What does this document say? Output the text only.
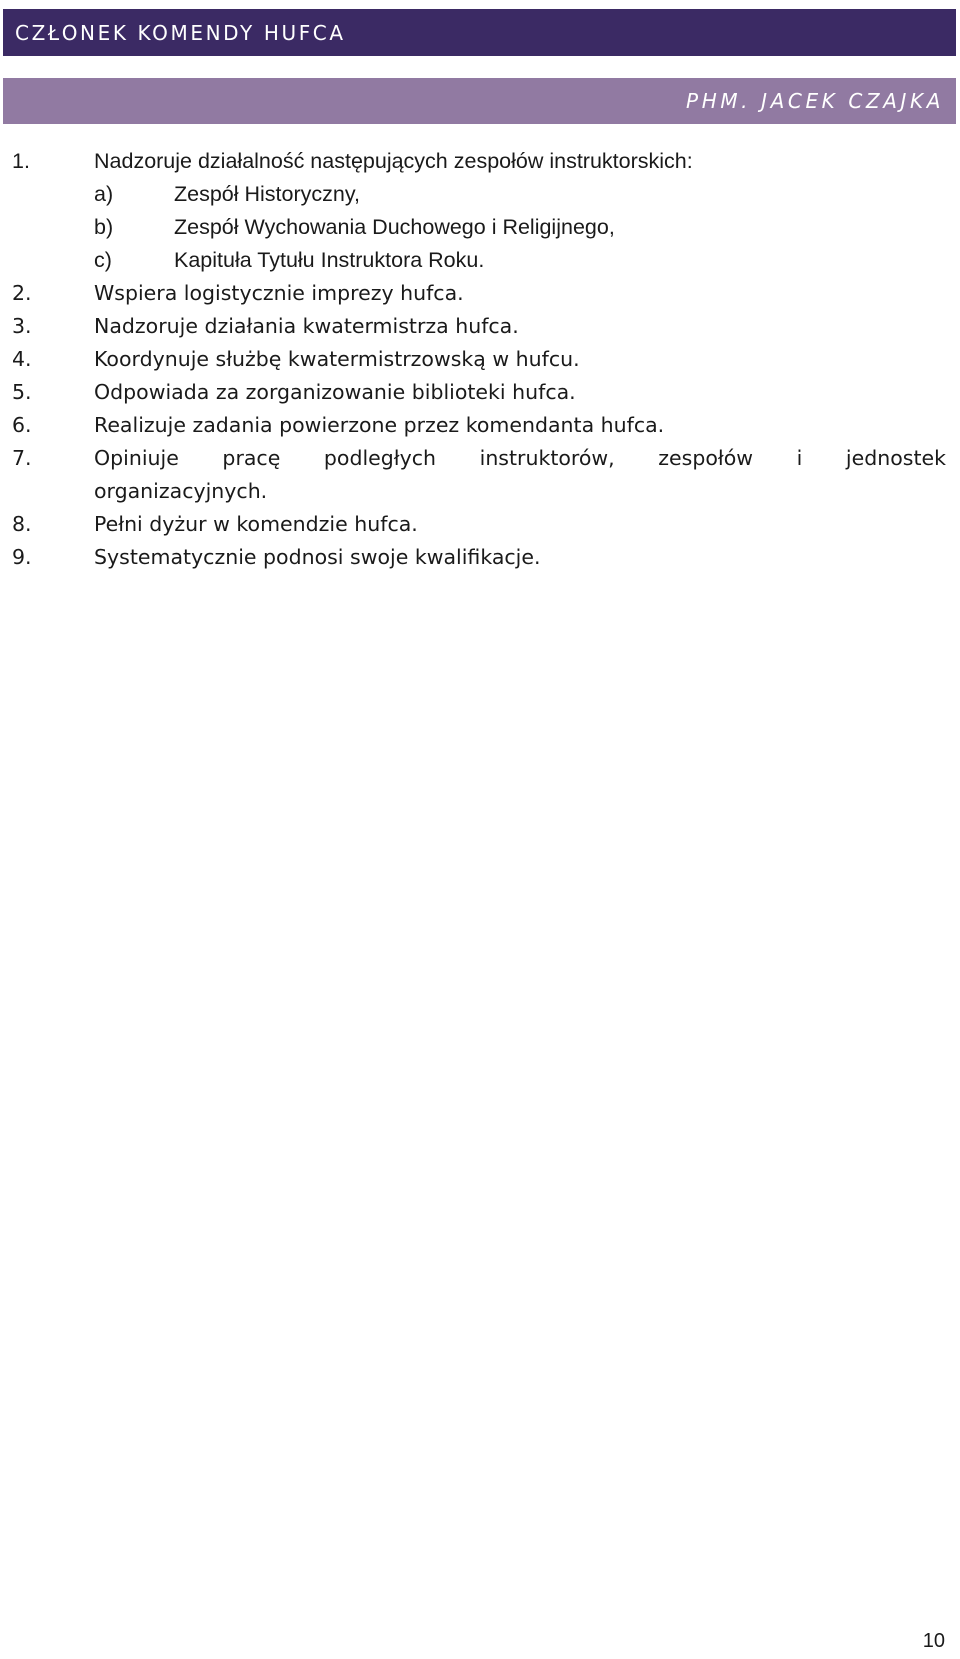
CZŁONEK KOMENDY HUFCA
PHM. JACEK CZAJKA
1.	Nadzoruje działalność następujących zespołów instruktorskich:
a)	Zespół Historyczny,
b)	Zespół Wychowania Duchowego i Religijnego,
c)	Kapituła Tytułu Instruktora Roku.
2.	Wspiera logistycznie imprezy hufca.
3.	Nadzoruje działania kwatermistrza hufca.
4.	Koordynuje służbę kwatermistrzowską w hufcu.
5.	Odpowiada za zorganizowanie biblioteki hufca.
6.	Realizuje zadania powierzone przez komendanta hufca.
7.	Opiniuje pracę podległych instruktorów, zespołów i jednostek
organizacyjnych.
8.	Pełni dyżur w komendzie hufca.
9.	Systematycznie podnosi swoje kwalifikacje.
10
